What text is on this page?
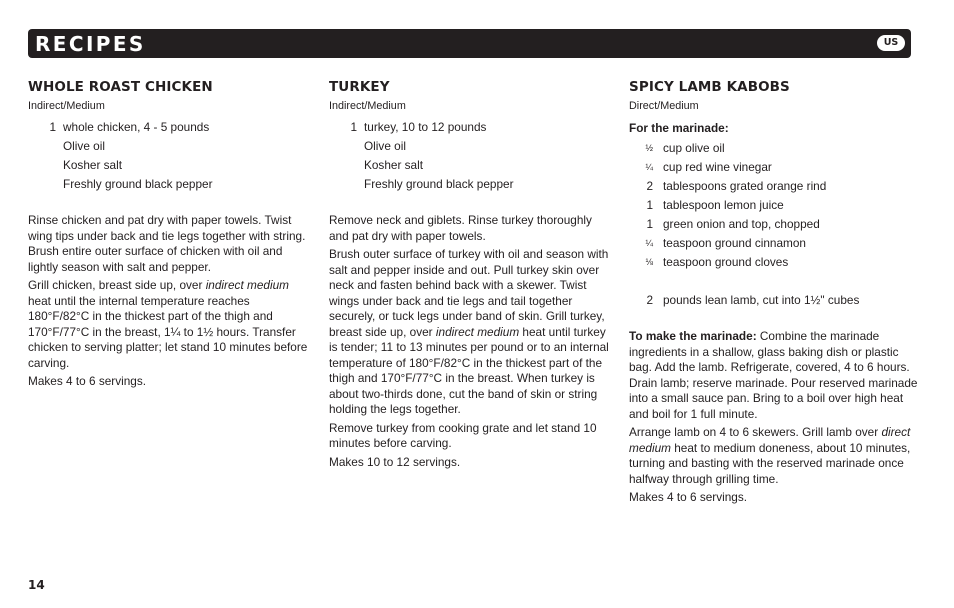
RECIPES	US
WHOLE ROAST CHICKEN
Indirect/Medium
1 whole chicken, 4 - 5 pounds
Olive oil
Kosher salt
Freshly ground black pepper

Rinse chicken and pat dry with paper towels. Twist wing tips under back and tie legs together with string. Brush entire outer surface of chicken with oil and lightly season with salt and pepper.

Grill chicken, breast side up, over indirect medium heat until the internal temperature reaches 180°F/82°C in the thickest part of the thigh and 170°F/77°C in the breast, 1¼ to 1½ hours. Transfer chicken to serving platter; let stand 10 minutes before carving.

Makes 4 to 6 servings.

TURKEY
Indirect/Medium
1 turkey, 10 to 12 pounds
Olive oil
Kosher salt
Freshly ground black pepper

Remove neck and giblets. Rinse turkey thoroughly and pat dry with paper towels.

Brush outer surface of turkey with oil and season with salt and pepper inside and out. Pull turkey skin over neck and fasten behind back with a skewer. Twist wings under back and tie legs and tail together securely, or tuck legs under band of skin. Grill turkey, breast side up, over indirect medium heat until turkey is tender; 11 to 13 minutes per pound or to an internal temperature of 180°F/82°C in the thickest part of the thigh and 170°F/77°C in the breast. When turkey is about two-thirds done, cut the band of skin or string holding the legs together.

Remove turkey from cooking grate and let stand 10 minutes before carving.

Makes 10 to 12 servings.

SPICY LAMB KABOBS
Direct/Medium
For the marinade:
½ cup olive oil
¼ cup red wine vinegar
2 tablespoons grated orange rind
1 tablespoon lemon juice
1 green onion and top, chopped
¼ teaspoon ground cinnamon
⅛ teaspoon ground cloves
2 pounds lean lamb, cut into 1½" cubes

To make the marinade: Combine the marinade ingredients in a shallow, glass baking dish or plastic bag. Add the lamb. Refrigerate, covered, 4 to 6 hours. Drain lamb; reserve marinade. Pour reserved marinade into a small sauce pan. Bring to a boil over high heat and boil for 1 full minute.

Arrange lamb on 4 to 6 skewers. Grill lamb over direct medium heat to medium doneness, about 10 minutes, turning and basting with the reserved marinade once halfway through grilling time.

Makes 4 to 6 servings.

14
